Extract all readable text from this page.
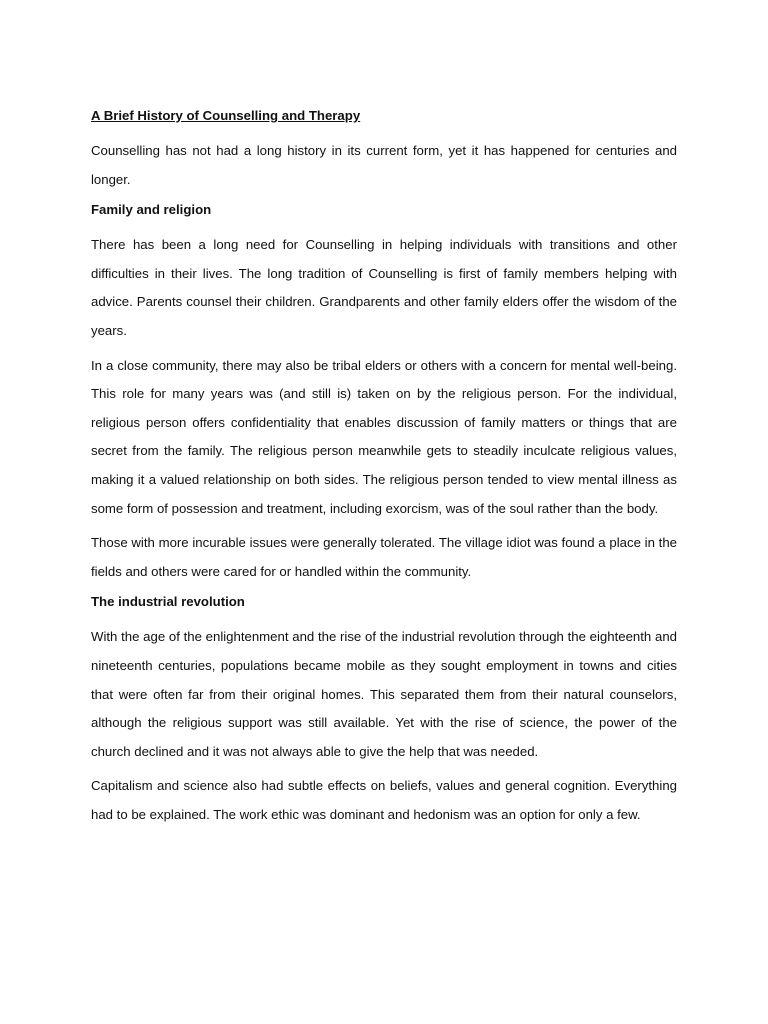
A Brief History of Counselling and Therapy

Counselling has not had a long history in its current form, yet it has happened for centuries and longer.

Family and religion

There has been a long need for Counselling in helping individuals with transitions and other difficulties in their lives. The long tradition of Counselling is first of family members helping with advice. Parents counsel their children. Grandparents and other family elders offer the wisdom of the years.

In a close community, there may also be tribal elders or others with a concern for mental well-being. This role for many years was (and still is) taken on by the religious person. For the individual, religious person offers confidentiality that enables discussion of family matters or things that are secret from the family. The religious person meanwhile gets to steadily inculcate religious values, making it a valued relationship on both sides. The religious person tended to view mental illness as some form of possession and treatment, including exorcism, was of the soul rather than the body.

Those with more incurable issues were generally tolerated. The village idiot was found a place in the fields and others were cared for or handled within the community.

The industrial revolution

With the age of the enlightenment and the rise of the industrial revolution through the eighteenth and nineteenth centuries, populations became mobile as they sought employment in towns and cities that were often far from their original homes. This separated them from their natural counselors, although the religious support was still available. Yet with the rise of science, the power of the church declined and it was not always able to give the help that was needed.

Capitalism and science also had subtle effects on beliefs, values and general cognition. Everything had to be explained. The work ethic was dominant and hedonism was an option for only a few.
